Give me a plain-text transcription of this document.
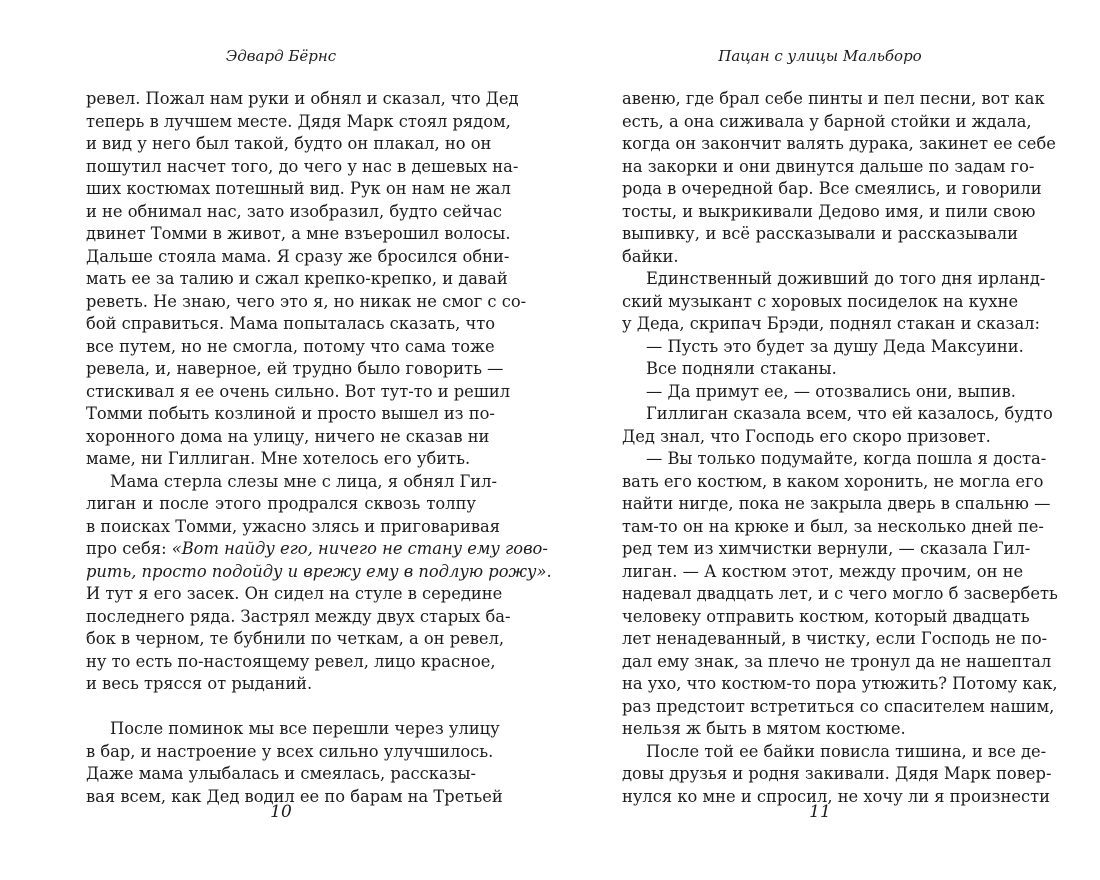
Эдвард Бёрнс
ревел. Пожал нам руки и обнял и сказал, что Дед
теперь в лучшем месте. Дядя Марк стоял рядом,
и вид у него был такой, будто он плакал, но он
пошутил насчет того, до чего у нас в дешевых на-
ших костюмах потешный вид. Рук он нам не жал
и не обнимал нас, зато изобразил, будто сейчас
двинет Томми в живот, а мне взъерошил волосы.
Дальше стояла мама. Я сразу же бросился обни-
мать ее за талию и сжал крепко-крепко, и давай
реветь. Не знаю, чего это я, но никак не смог с со-
бой справиться. Мама попыталась сказать, что
все путем, но не смогла, потому что сама тоже
ревела, и, наверное, ей трудно было говорить —
стискивал я ее очень сильно. Вот тут-то и решил
Томми побыть козлиной и просто вышел из по-
хоронного дома на улицу, ничего не сказав ни
маме, ни Гиллиган. Мне хотелось его убить.
Мама стерла слезы мне с лица, я обнял Гил-
лиган и после этого продрался сквозь толпу
в поисках Томми, ужасно злясь и приговаривая
про себя: «Вот найду его, ничего не стану ему гово-
рить, просто подойду и врежу ему в подлую рожу».
И тут я его засек. Он сидел на стуле в середине
последнего ряда. Застрял между двух старых ба-
бок в черном, те бубнили по четкам, а он ревел,
ну то есть по-настоящему ревел, лицо красное,
и весь трясся от рыданий.
После поминок мы все перешли через улицу
в бар, и настроение у всех сильно улучшилось.
Даже мама улыбалась и смеялась, рассказы-
вая всем, как Дед водил ее по барам на Третьей
10
Пацан с улицы Мальборо
авеню, где брал себе пинты и пел песни, вот как
есть, а она сиживала у барной стойки и ждала,
когда он закончит валять дурака, закинет ее себе
на закорки и они двинутся дальше по задам го-
рода в очередной бар. Все смеялись, и говорили
тосты, и выкрикивали Дедово имя, и пили свою
выпивку, и всё рассказывали и рассказывали
байки.
Единственный доживший до того дня ирланд-
ский музыкант с хоровых посиделок на кухне
у Деда, скрипач Брэди, поднял стакан и сказал:
— Пусть это будет за душу Деда Максуини.
Все подняли стаканы.
— Да примут ее, — отозвались они, выпив.
Гиллиган сказала всем, что ей казалось, будто
Дед знал, что Господь его скоро призовет.
— Вы только подумайте, когда пошла я доста-
вать его костюм, в каком хоронить, не могла его
найти нигде, пока не закрыла дверь в спальню —
там-то он на крюке и был, за несколько дней пе-
ред тем из химчистки вернули, — сказала Гил-
лиган. — А костюм этот, между прочим, он не
надевал двадцать лет, и с чего могло б засвербеть
человеку отправить костюм, который двадцать
лет ненадеванный, в чистку, если Господь не по-
дал ему знак, за плечо не тронул да не нашептал
на ухо, что костюм-то пора утюжить? Потому как,
раз предстоит встретиться со спасителем нашим,
нельзя ж быть в мятом костюме.
После той ее байки повисла тишина, и все де-
довы друзья и родня закивали. Дядя Марк повер-
нулся ко мне и спросил, не хочу ли я произнести
11
